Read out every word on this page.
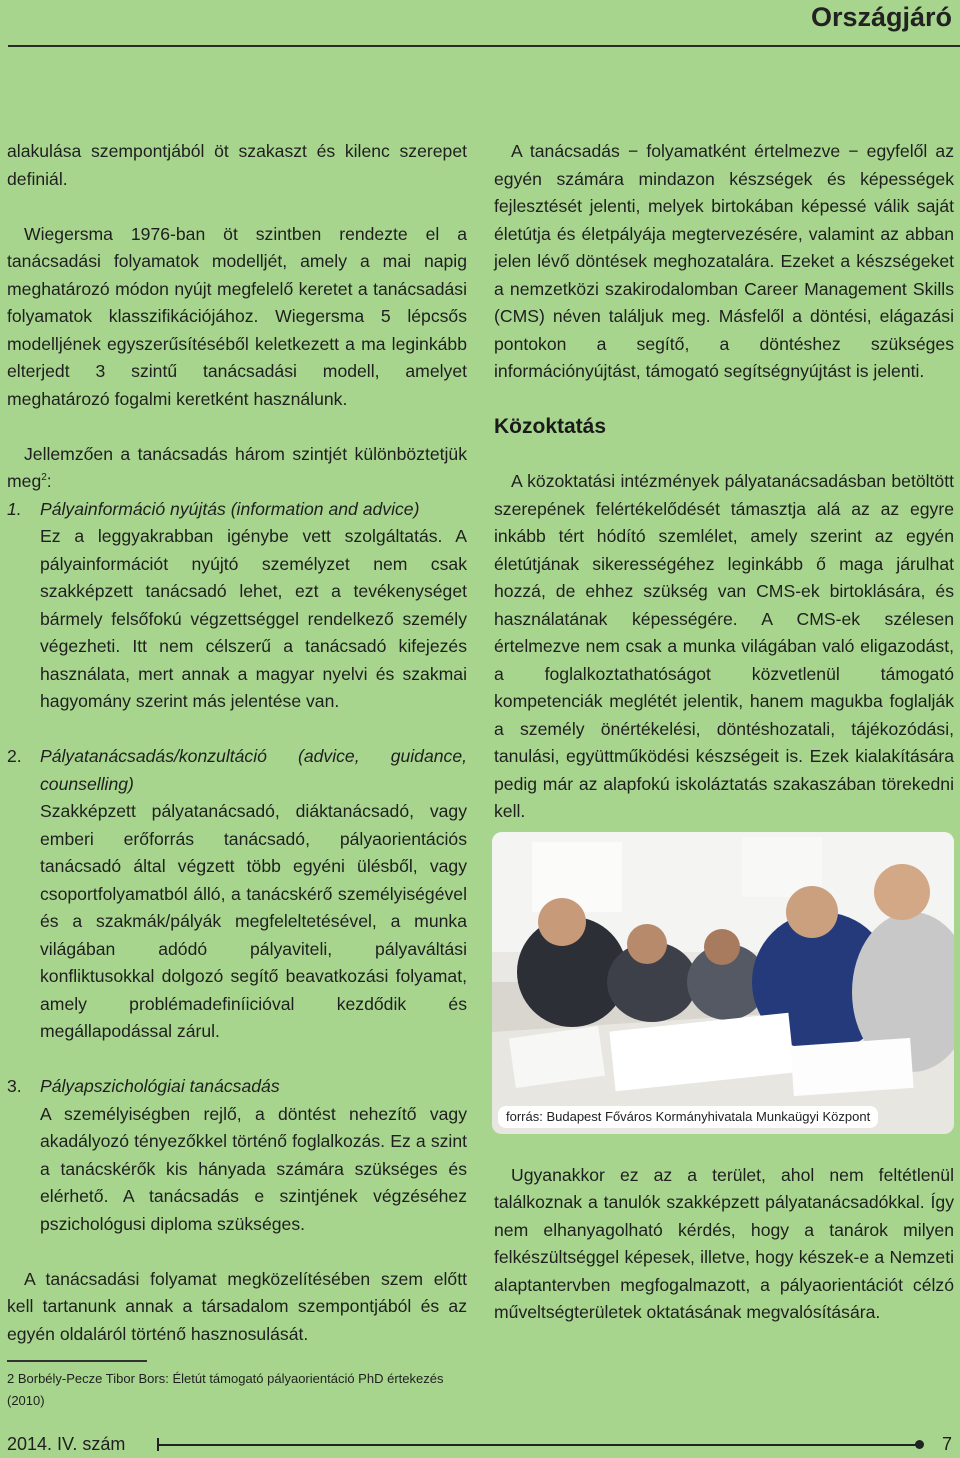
Országjáró

alakulása szempontjából öt szakaszt és kilenc szerepet definiál.

Wiegersma 1976-ban öt szintben rendezte el a tanácsadási folyamatok modelljét, amely a mai napig meghatározó módon nyújt megfelelő keretet a tanácsadási folyamatok klasszifikációjához. Wiegersma 5 lépcsős modelljének egyszerűsítéséből keletkezett a ma leginkább elterjedt 3 szintű tanácsadási modell, amelyet meghatározó fogalmi keretként használunk.

Jellemzően a tanácsadás három szintjét különböztetjük meg$^2$:

1.	Pályainformáció nyújtás (information and advice)
Ez a leggyakrabban igénybe vett szolgáltatás. A pályainformációt nyújtó személyzet nem csak szakképzett tanácsadó lehet, ezt a tevékenységet bármely felsőfokú végzettséggel rendelkező személy végezheti. Itt nem célszerű a tanácsadó kifejezés használata, mert annak a magyar nyelvi és szakmai hagyomány szerint más jelentése van.
2.	Pályatanácsadás/konzultáció (advice, guidance, counselling)
Szakképzett pályatanácsadó, diáktanácsadó, vagy emberi erőforrás tanácsadó, pályaorientációs tanácsadó által végzett több egyéni ülésből, vagy csoportfolyamatból álló, a tanácskérő személyiségével és a szakmák/pályák megfeleltetésével, a munka világában adódó pályaviteli, pályaváltási konfliktusokkal dolgozó segítő beavatkozási folyamat, amely problémadefiníicióval kezdődik és megállapodással zárul.
3.	Pályapszichológiai tanácsadás
A személyiségben rejlő, a döntést nehezítő vagy akadályozó tényezőkkel történő foglalkozás. Ez a szint a tanácskérők kis hányada számára szükséges és elérhető. A tanácsadás e szintjének végzéséhez pszichológusi diploma szükséges.

A tanácsadási folyamat megközelítésében szem előtt kell tartanunk annak a társadalom szempontjából és az egyén oldaláról történő hasznosulását.

2 Borbély-Pecze Tibor Bors: Életút támogató pályaorientáció PhD értekezés (2010)

A tanácsadás − folyamatként értelmezve − egyfelől az egyén számára mindazon készségek és képességek fejlesztését jelenti, melyek birtokában képessé válik saját életútja és életpályája megtervezésére, valamint az abban jelen lévő döntések meghozatalára. Ezeket a készségeket a nemzetközi szakirodalomban Career Management Skills (CMS) néven találjuk meg. Másfelől a döntési, elágazási pontokon a segítő, a döntéshez szükséges információnyújtást, támogató segítségnyújtást is jelenti.

Közoktatás

A közoktatási intézmények pályatanácsadásban betöltött szerepének felértékelődését támasztja alá az az egyre inkább tért hódító szemlélet, amely szerint az egyén életútjának sikerességéhez leginkább ő maga járulhat hozzá, de ehhez szükség van CMS-ek birtoklására, és használatának képességére. A CMS-ek szélesen értelmezve nem csak a munka világában való eligazodást, a foglalkoztathatóságot közvetlenül támogató kompetenciák meglétét jelentik, hanem magukba foglalják a személy önértékelési, döntéshozatali, tájékozódási, tanulási, együttműködési készségeit is. Ezek kialakítására pedig már az alapfokú iskoláztatás szakaszában törekedni kell.

forrás: Budapest Főváros Kormányhivatala Munkaügyi Központ

Ugyanakkor ez az a terület, ahol nem feltétlenül találkoznak a tanulók szakképzett pályatanácsadókkal. Így nem elhanyagolható kérdés, hogy a tanárok milyen felkészültséggel képesek, illetve, hogy készek-e a Nemzeti alaptantervben megfogalmazott, a pályaorientációt célzó műveltségterületek oktatásának megvalósítására.

2014. IV. szám	7
